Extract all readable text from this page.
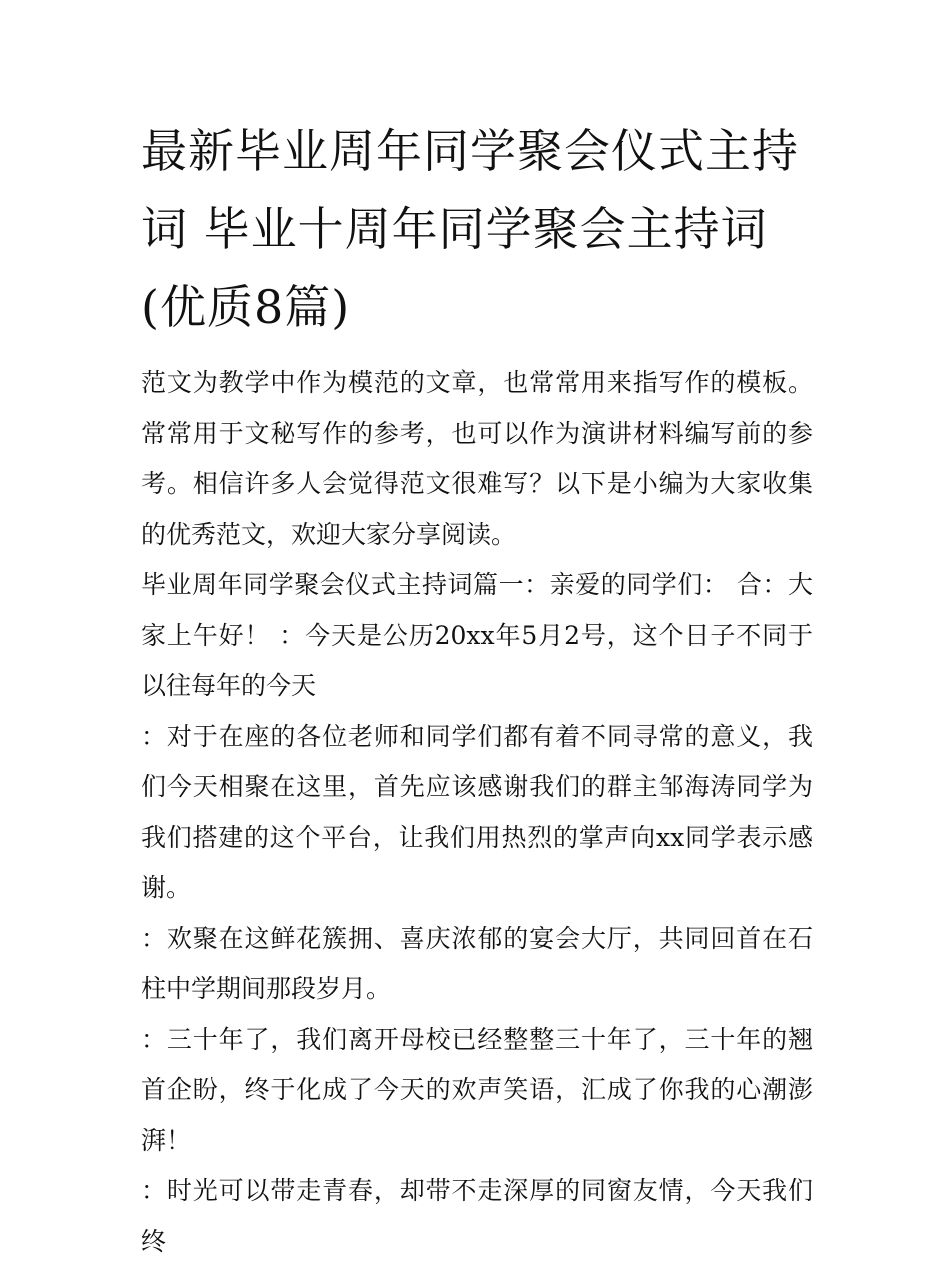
最新毕业周年同学聚会仪式主持词 毕业十周年同学聚会主持词(优质8篇)

范文为教学中作为模范的文章，也常常用来指写作的模板。常常用于文秘写作的参考，也可以作为演讲材料编写前的参考。相信许多人会觉得范文很难写？以下是小编为大家收集的优秀范文，欢迎大家分享阅读。

毕业周年同学聚会仪式主持词篇一：亲爱的同学们： 合：大家上午好！ ：今天是公历20xx年5月2号，这个日子不同于以往每年的今天

：对于在座的各位老师和同学们都有着不同寻常的意义，我们今天相聚在这里，首先应该感谢我们的群主邹海涛同学为我们搭建的这个平台，让我们用热烈的掌声向xx同学表示感谢。

：欢聚在这鲜花簇拥、喜庆浓郁的宴会大厅，共同回首在石柱中学期间那段岁月。

：三十年了，我们离开母校已经整整三十年了，三十年的翘首企盼，终于化成了今天的欢声笑语，汇成了你我的心潮澎湃！

：时光可以带走青春，却带不走深厚的同窗友情，今天我们终
